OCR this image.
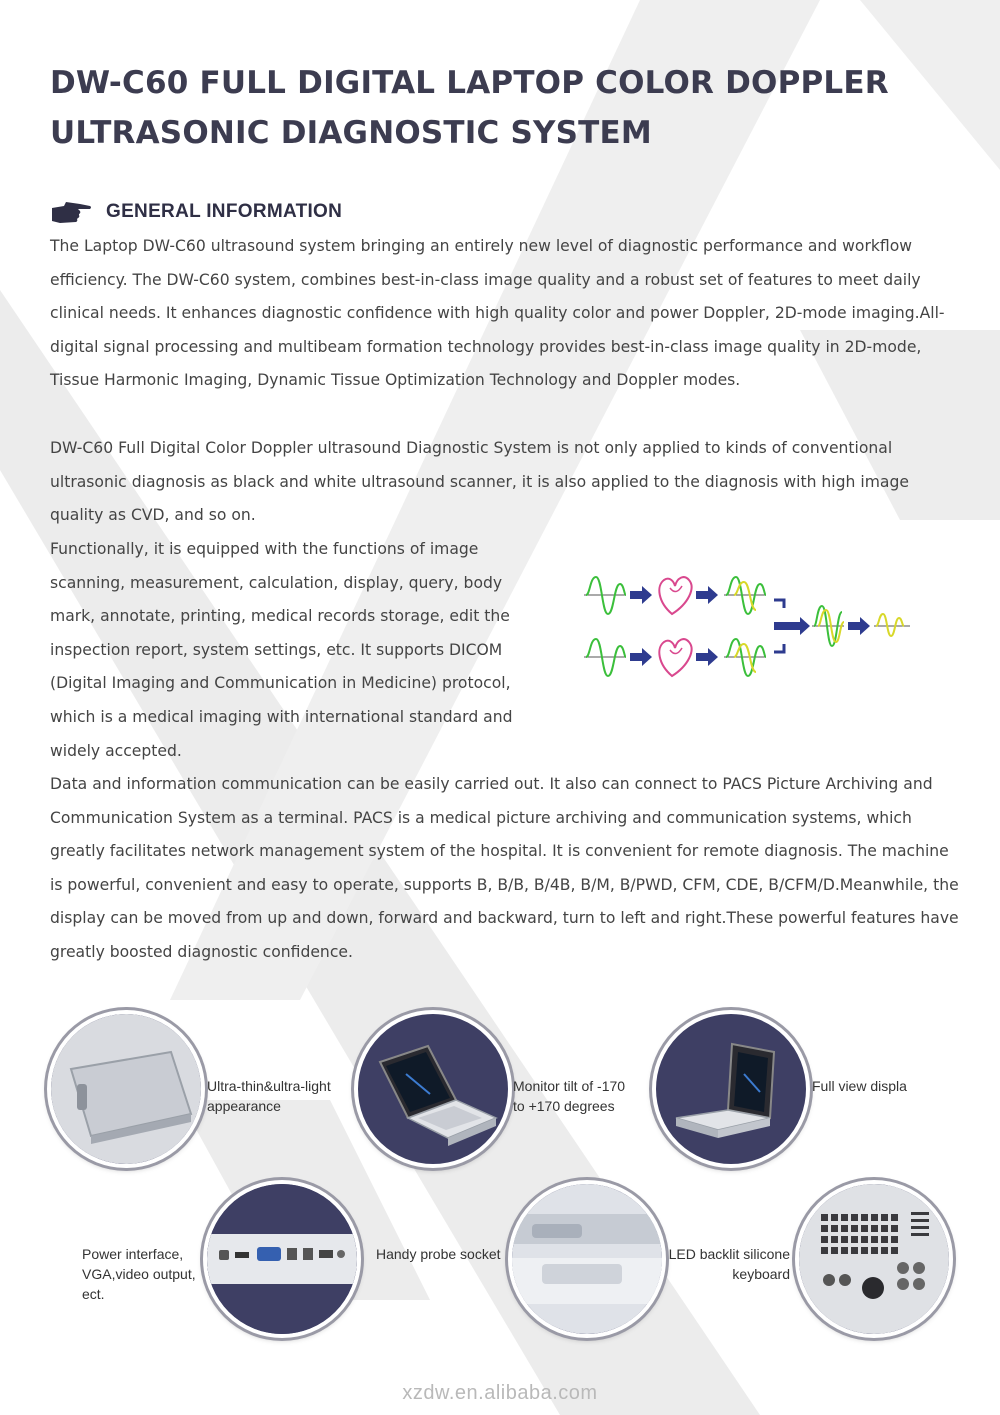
DW-C60 FULL DIGITAL LAPTOP COLOR DOPPLER
ULTRASONIC DIAGNOSTIC SYSTEM
GENERAL INFORMATION

The Laptop DW-C60 ultrasound system bringing an entirely new level of diagnostic performance and workflow efficiency. The DW-C60 system, combines best-in-class image quality and a robust set of features to meet daily clinical needs. It enhances diagnostic confidence with high quality color and power Doppler, 2D-mode imaging.All-digital signal processing and multibeam formation technology provides best-in-class image quality in 2D-mode, Tissue Harmonic Imaging, Dynamic Tissue Optimization Technology and Doppler modes.

DW-C60 Full Digital Color Doppler ultrasound Diagnostic System is not only applied to kinds of conventional ultrasonic diagnosis as black and white ultrasound scanner, it is also applied to the diagnosis with high image quality as CVD, and so on.

Functionally, it is equipped with the functions of image scanning, measurement, calculation, display, query, body mark, annotate, printing, medical records storage, edit the inspection report, system settings, etc. It supports DICOM (Digital Imaging and Communication in Medicine) protocol, which is a medical imaging with international standard and widely accepted.

Data and information communication can be easily carried out. It also can connect to PACS Picture Archiving and Communication System as a terminal. PACS is a medical picture archiving and communication systems, which greatly facilitates network management system of the hospital. It is convenient for remote diagnosis. The machine is powerful, convenient and easy to operate, supports B, B/B, B/4B, B/M, B/PWD, CFM, CDE, B/CFM/D.Meanwhile, the display can be moved from up and down, forward and backward, turn to left and right.These powerful features have greatly boosted diagnostic confidence.

Ultra-thin&ultra-light
appearance

Monitor tilt of -170
to +170 degrees

Full view displa

Power interface,
VGA,video output,
ect.

Handy probe socket	LED backlit silicone
keyboard

xzdw.en.alibaba.com
